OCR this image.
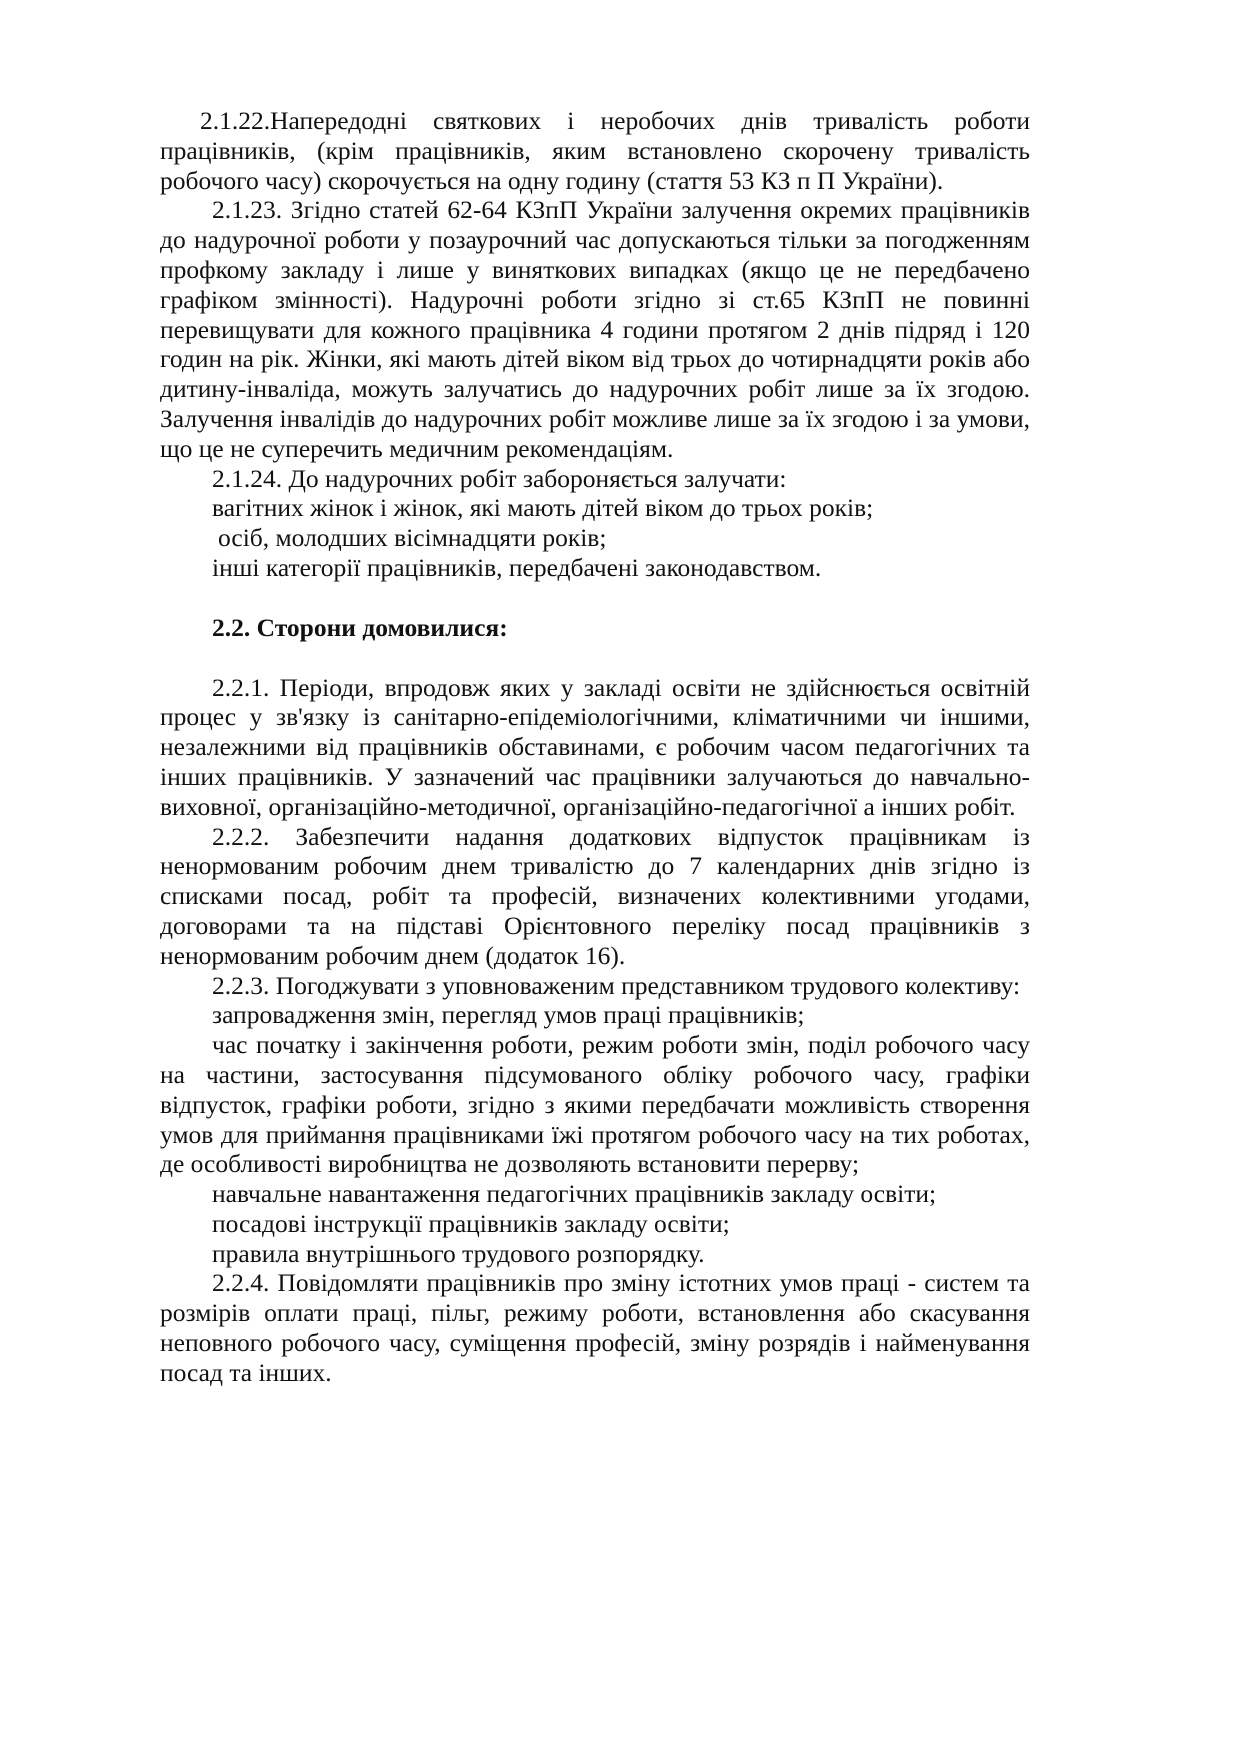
2.1.22.Напередодні святкових і неробочих днів тривалість роботи працівників, (крім працівників, яким встановлено скорочену тривалість робочого часу) скорочується на одну годину (стаття 53 КЗ п П України).

2.1.23. Згідно статей 62-64 КЗпП України залучення окремих працівників до надурочної роботи у позаурочний час допускаються тільки за погодженням профкому закладу і лише у виняткових випадках (якщо це не передбачено графіком змінності). Надурочні роботи згідно зі ст.65 КЗпП не повинні перевищувати для кожного працівника 4 години протягом 2 днів підряд і 120 годин на рік. Жінки, які мають дітей віком від трьох до чотирнадцяти років або дитину-інваліда, можуть залучатись до надурочних робіт лише за їх згодою. Залучення інвалідів до надурочних робіт можливе лише за їх згодою і за умови, що це не суперечить медичним рекомендаціям.

2.1.24. До надурочних робіт забороняється залучати:

вагітних жінок і жінок, які мають дітей віком до трьох років;

осіб, молодших вісімнадцяти років;

інші категорії працівників, передбачені законодавством.

2.2. Сторони домовилися:

2.2.1. Періоди, впродовж яких у закладі освіти не здійснюється освітній процес у зв'язку із санітарно-епідеміологічними, кліматичними чи іншими, незалежними від працівників обставинами, є робочим часом педагогічних та інших працівників. У зазначений час працівники залучаються до навчально-виховної, організаційно-методичної, організаційно-педагогічної а інших робіт.

2.2.2. Забезпечити надання додаткових відпусток працівникам із ненормованим робочим днем тривалістю до 7 календарних днів згідно із списками посад, робіт та професій, визначених колективними угодами, договорами та на підставі Орієнтовного переліку посад працівників з ненормованим робочим днем (додаток 16).

2.2.3. Погоджувати з уповноваженим представником трудового колективу:

запровадження змін, перегляд умов праці працівників;

час початку і закінчення роботи, режим роботи змін, поділ робочого часу на частини, застосування підсумованого обліку робочого часу, графіки відпусток, графіки роботи, згідно з якими передбачати можливість створення умов для приймання працівниками їжі протягом робочого часу на тих роботах, де особливості виробництва не дозволяють встановити перерву;

навчальне навантаження педагогічних працівників закладу освіти;

посадові інструкції працівників закладу освіти;

правила внутрішнього трудового розпорядку.

2.2.4. Повідомляти працівників про зміну істотних умов праці - систем та розмірів оплати праці, пільг, режиму роботи, встановлення або скасування неповного робочого часу, суміщення професій, зміну розрядів і найменування посад та інших.
